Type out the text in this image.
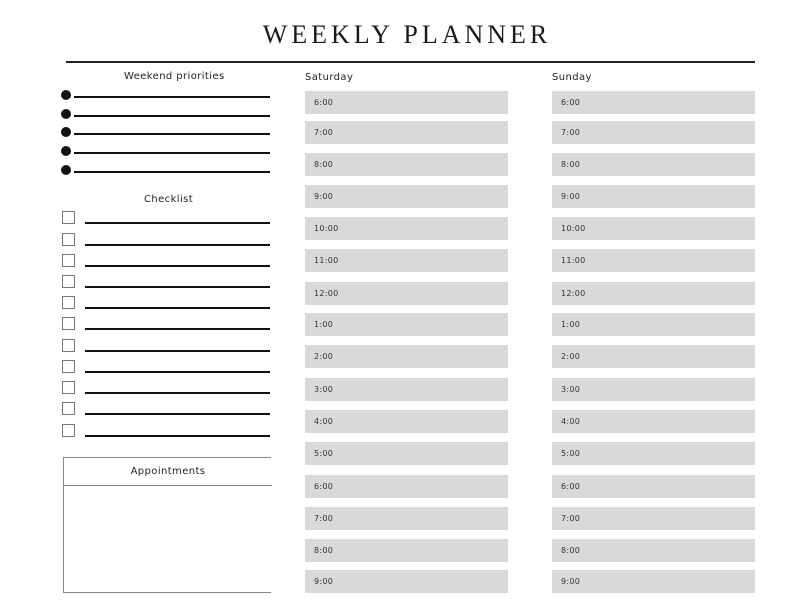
WEEKLY PLANNER
Weekend priorities
Checklist
Appointments
Saturday
6:00
7:00
8:00
9:00
10:00
11:00
12:00
1:00
2:00
3:00
4:00
5:00
6:00
7:00
8:00
9:00
Sunday
6:00
7:00
8:00
9:00
10:00
11:00
12:00
1:00
2:00
3:00
4:00
5:00
6:00
7:00
8:00
9:00
